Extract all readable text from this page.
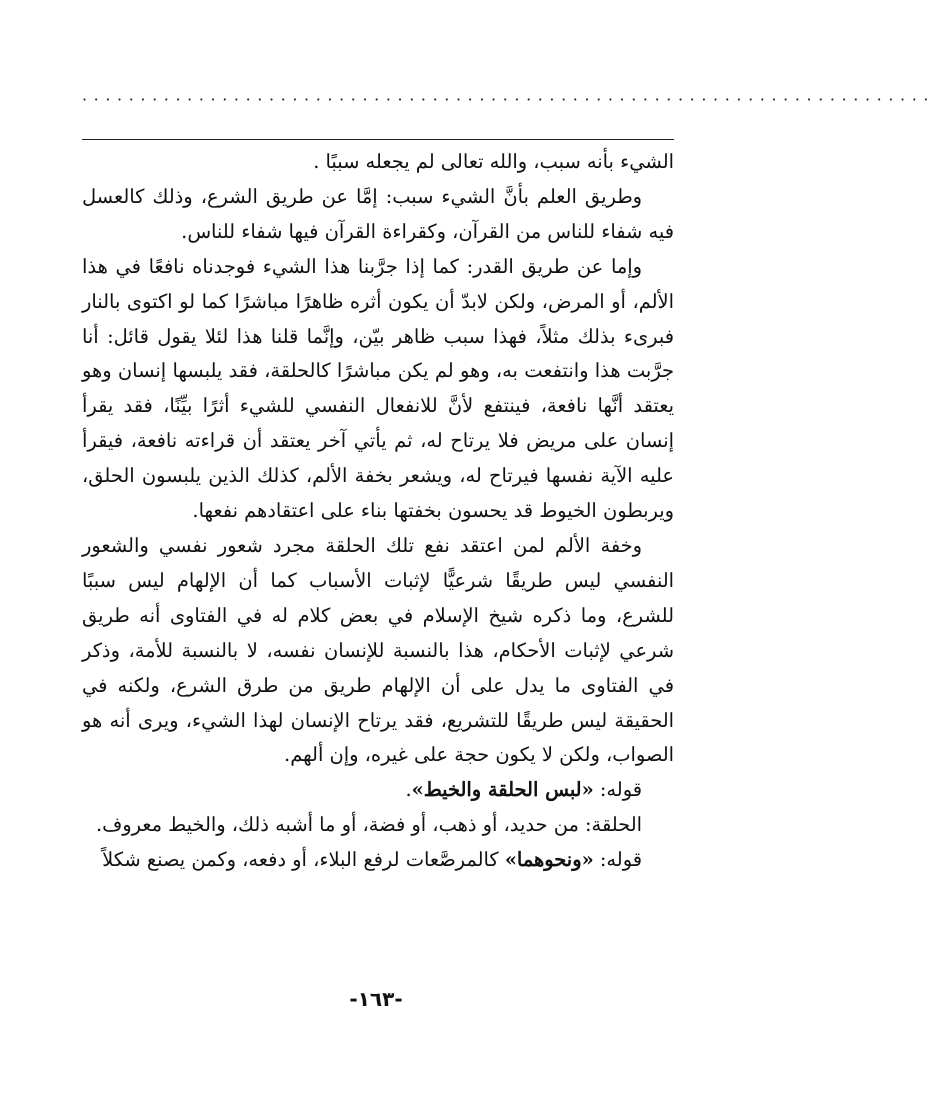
·········································································

الشيء بأنه سبب، والله تعالى لم يجعله سببًا .

وطريق العلم بأنَّ الشيء سبب: إمَّا عن طريق الشرع، وذلك كالعسل فيه شفاء للناس من القرآن، وكقراءة القرآن فيها شفاء للناس.

وإما عن طريق القدر: كما إذا جرَّبنا هذا الشيء فوجدناه نافعًا في هذا الألم، أو المرض، ولكن لابدّ أن يكون أثره ظاهرًا مباشرًا كما لو اكتوى بالنار فبرىء بذلك مثلاً، فهذا سبب ظاهر بيّن، وإنَّما قلنا هذا لئلا يقول قائل: أنا جرَّبت هذا وانتفعت به، وهو لم يكن مباشرًا كالحلقة، فقد يلبسها إنسان وهو يعتقد أنَّها نافعة، فينتفع لأنَّ للانفعال النفسي للشيء أثرًا بيِّنًا، فقد يقرأ إنسان على مريض فلا يرتاح له، ثم يأتي آخر يعتقد أن قراءته نافعة، فيقرأ عليه الآية نفسها فيرتاح له، ويشعر بخفة الألم، كذلك الذين يلبسون الحلق، ويربطون الخيوط قد يحسون بخفتها بناء على اعتقادهم نفعها.

وخفة الألم لمن اعتقد نفع تلك الحلقة مجرد شعور نفسي والشعور النفسي ليس طريقًا شرعيًّا لإثبات الأسباب كما أن الإلهام ليس سببًا للشرع، وما ذكره شيخ الإسلام في بعض كلام له في الفتاوى أنه طريق شرعي لإثبات الأحكام، هذا بالنسبة للإنسان نفسه، لا بالنسبة للأمة، وذكر في الفتاوى ما يدل على أن الإلهام طريق من طرق الشرع، ولكنه في الحقيقة ليس طريقًا للتشريع، فقد يرتاح الإنسان لهذا الشيء، ويرى أنه هو الصواب، ولكن لا يكون حجة على غيره، وإن ألهم.

قوله: «لبس الحلقة والخيط».

الحلقة: من حديد، أو ذهب، أو فضة، أو ما أشبه ذلك، والخيط معروف.

قوله: «ونحوهما» كالمرصَّعات لرفع البلاء، أو دفعه، وكمن يصنع شكلاً

-١٦٣-
